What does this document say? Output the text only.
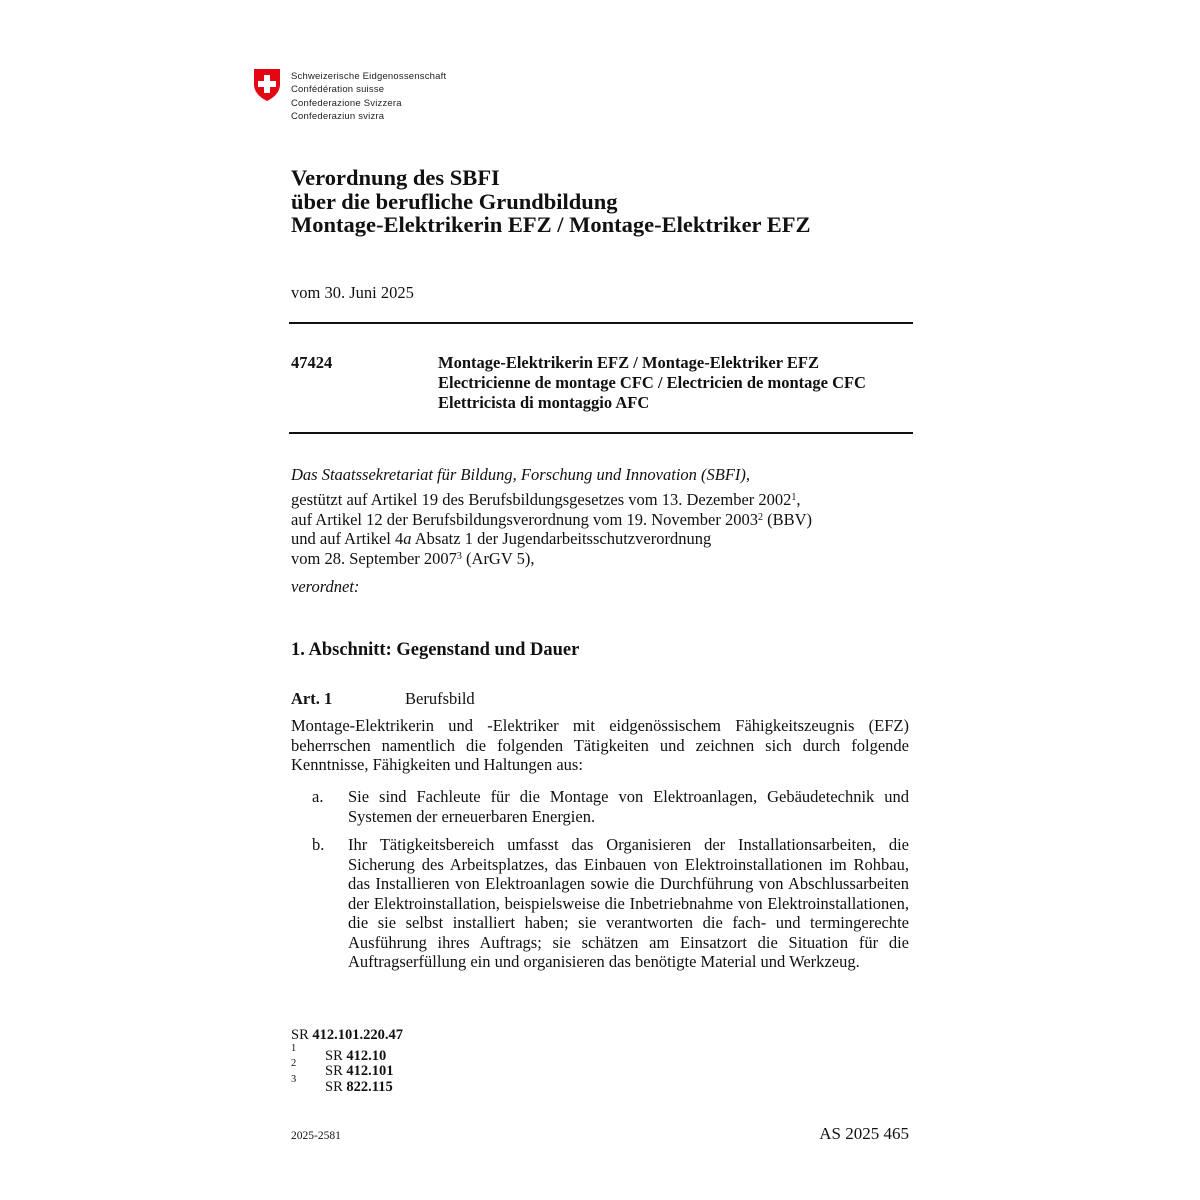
Schweizerische Eidgenossenschaft
Confédération suisse
Confederazione Svizzera
Confederaziun svizra
Verordnung des SBFI
über die berufliche Grundbildung
Montage-Elektrikerin EFZ / Montage-Elektriker EFZ
vom 30. Juni 2025
47424	Montage-Elektrikerin EFZ / Montage-Elektriker EFZ
Electricienne de montage CFC / Electricien de montage CFC
Elettricista di montaggio AFC
Das Staatssekretariat für Bildung, Forschung und Innovation (SBFI),
gestützt auf Artikel 19 des Berufsbildungsgesetzes vom 13. Dezember 2002$^1$,
auf Artikel 12 der Berufsbildungsverordnung vom 19. November 2003$^2$ (BBV)
und auf Artikel 4a Absatz 1 der Jugendarbeitsschutzverordnung
vom 28. September 2007$^3$ (ArGV 5),
verordnet:
1. Abschnitt: Gegenstand und Dauer
Art. 1	Berufsbild
Montage-Elektrikerin und -Elektriker mit eidgenössischem Fähigkeitszeugnis (EFZ) beherrschen namentlich die folgenden Tätigkeiten und zeichnen sich durch folgende Kenntnisse, Fähigkeiten und Haltungen aus:
a. Sie sind Fachleute für die Montage von Elektroanlagen, Gebäudetechnik und Systemen der erneuerbaren Energien.
b. Ihr Tätigkeitsbereich umfasst das Organisieren der Installationsarbeiten, die Sicherung des Arbeitsplatzes, das Einbauen von Elektroinstallationen im Rohbau, das Installieren von Elektroanlagen sowie die Durchführung von Abschlussarbeiten der Elektroinstallation, beispielsweise die Inbetriebnahme von Elektroinstallationen, die sie selbst installiert haben; sie verantworten die fach- und termingerechte Ausführung ihres Auftrags; sie schätzen am Einsatzort die Situation für die Auftragserfüllung ein und organisieren das benötigte Material und Werkzeug.
SR 412.101.220.47
1 SR 412.10
2 SR 412.101
3 SR 822.115
2025-2581	AS 2025 465
